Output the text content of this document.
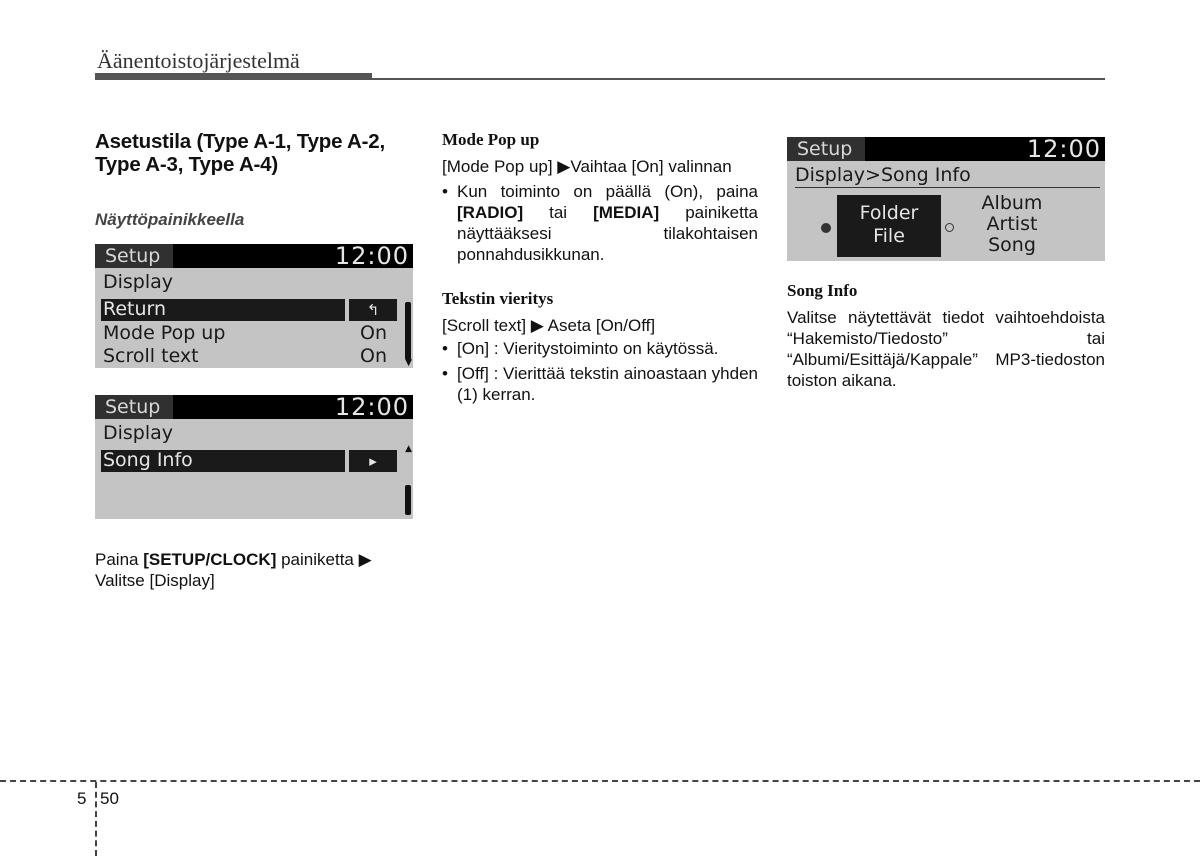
Äänentoistojärjestelmä

Asetustila (Type A-1, Type A-2, Type A-3, Type A-4)

Näyttöpainikkeella

Setup	12:00
Display
Return	↰
Mode Pop up	On
Scroll text	On ▼
Setup	12:00
Display
Song Info	▸
▲

Paina [SETUP/CLOCK] painiketta ▶ Valitse [Display]

Mode Pop up

[Mode Pop up] ▶Vaihtaa [On] valinnan

• Kun toiminto on päällä (On), paina [RADIO] tai [MEDIA] painiketta näyttääksesi tilakohtaisen ponnahdusikkunan.

Tekstin vieritys

[Scroll text] ▶ Aseta [On/Off]

• [On] : Vieritystoiminto on käytössä.
• [Off] : Vierittää tekstin ainoastaan yhden (1) kerran.
Setup	12:00
Display>Song Info
Folder
File
Album
Artist
Song

Song Info

Valitse näytettävät tiedot vaihtoehdoista “Hakemisto/Tiedosto” tai “Albumi/Esittäjä/Kappale” MP3-tiedoston toiston aikana.

5 50
